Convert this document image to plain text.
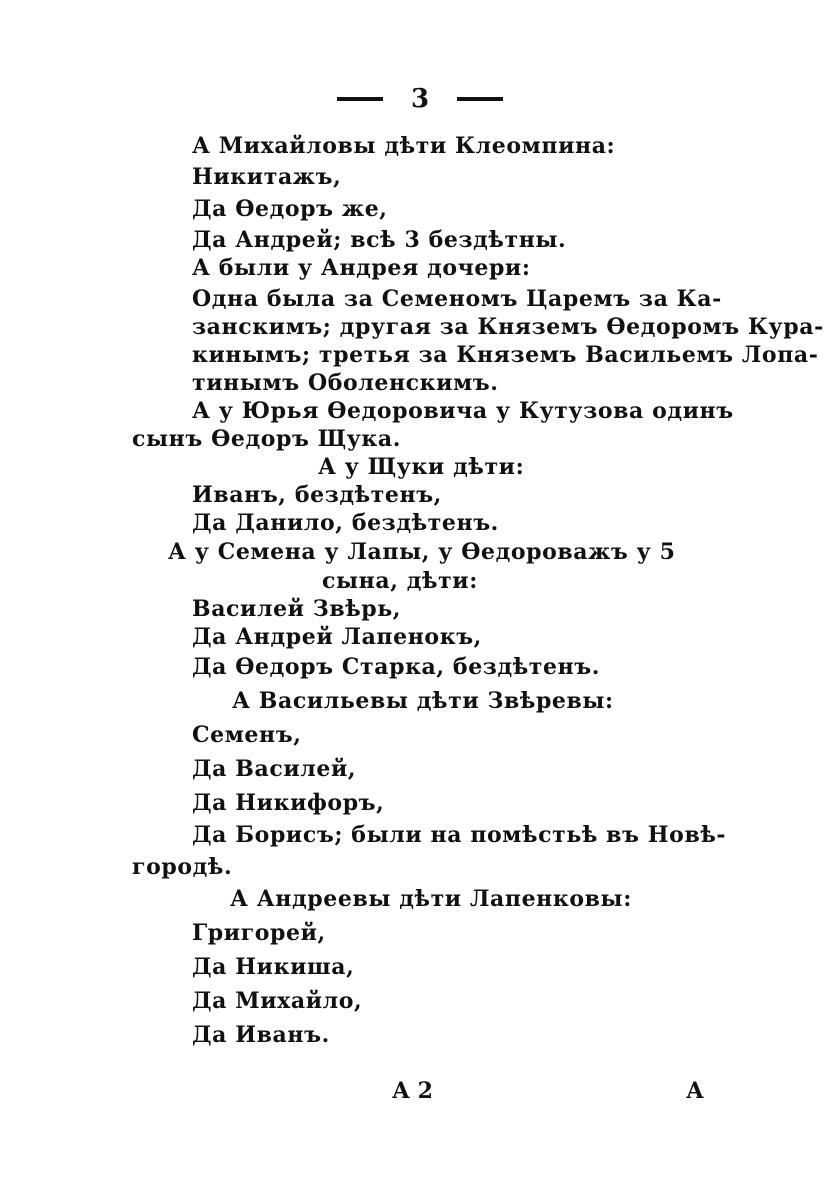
3
А Михайловы дѣти Клеомпина:
Никитажъ,
Да Ѳедоръ же,
Да Андрей; всѣ 3 бездѣтны.
А были у Андрея дочери:
Одна была за Семеномъ Царемъ за Ка-
занскимъ; другая за Княземъ Ѳедоромъ Кура-
кинымъ; третья за Княземъ Васильемъ Лопа-
тинымъ Оболенскимъ.
А у Юрья Ѳедоровича у Кутузова одинъ
сынъ Ѳедоръ Щука.
А у Щуки дѣти:
Иванъ, бездѣтенъ,
Да Данило, бездѣтенъ.
А у Семена у Лапы, у Ѳедороважъ у 5
сына, дѣти:
Василей Звѣрь,
Да Андрей Лапенокъ,
Да Ѳедоръ Старка, бездѣтенъ.
А Васильевы дѣти Звѣревы:
Семенъ,
Да Василей,
Да Никифоръ,
Да Борисъ; были на помѣстьѣ въ Новѣ-
городѣ.
А Андреевы дѣти Лапенковы:
Григорей,
Да Никиша,
Да Михайло,
Да Иванъ.
А 2	А
